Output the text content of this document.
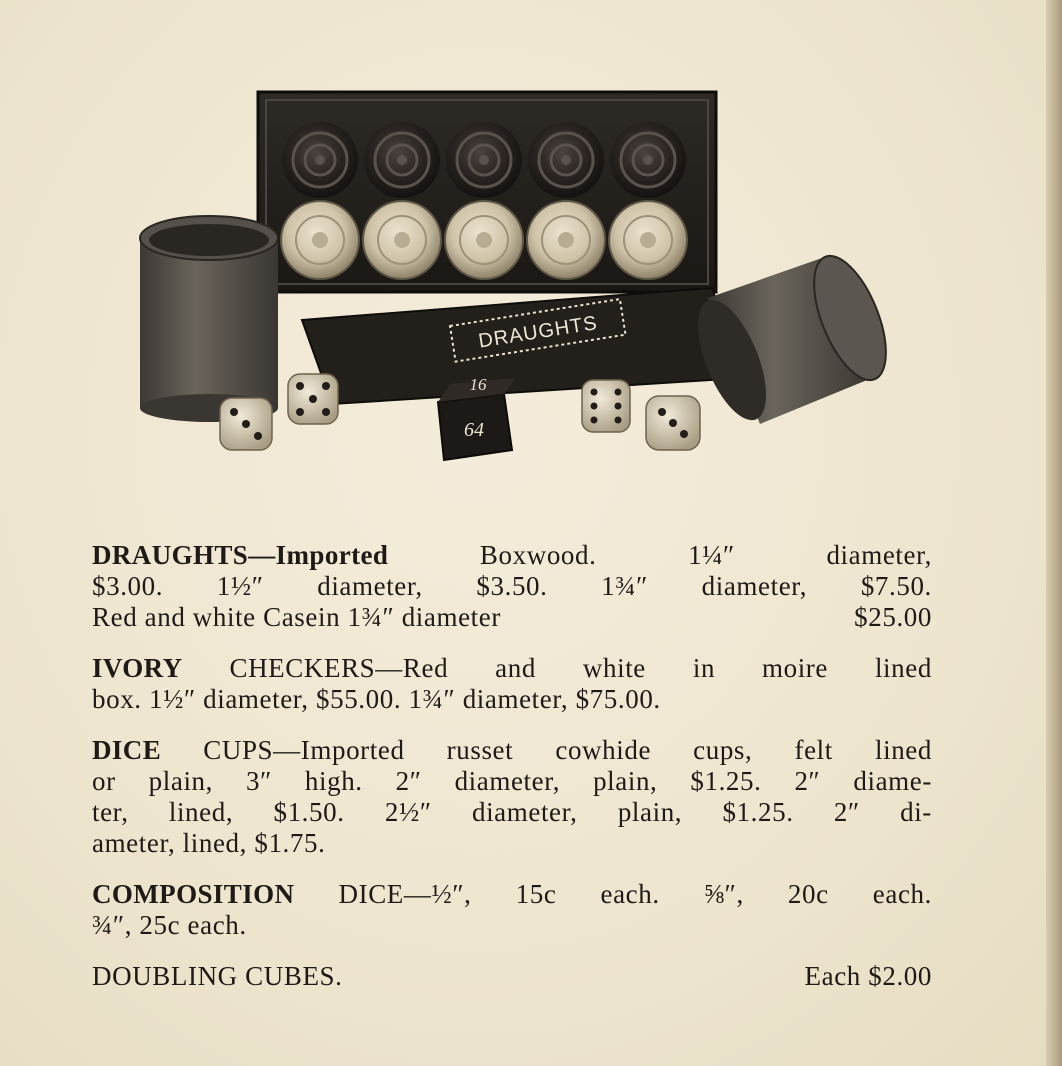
DRAUGHTS
16
64
DRAUGHTS—Imported	Boxwood.	1¼″	diameter,
$3.00. 1½″ diameter, $3.50. 1¾″ diameter, $7.50.
Red and white Casein 1¾″ diameter	$25.00
IVORY CHECKERS—Red and white in moire lined
box. 1½″ diameter, $55.00. 1¾″ diameter, $75.00.
DICE CUPS—Imported russet cowhide cups, felt lined
or plain, 3″ high. 2″ diameter, plain, $1.25. 2″ diame-
ter, lined, $1.50. 2½″ diameter, plain, $1.25. 2″ di-
ameter, lined, $1.75.
COMPOSITION DICE—½″, 15c each. ⅝″, 20c each.
¾″, 25c each.
DOUBLING CUBES.	Each $2.00
